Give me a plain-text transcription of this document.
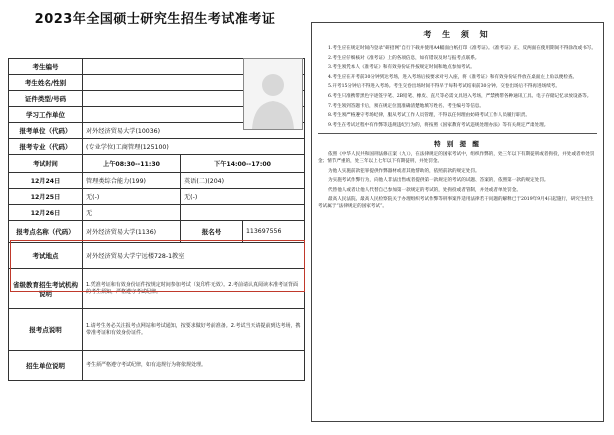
2023年全国硕士研究生招生考试准考证
考生编号			
考生姓名/性别			
证件类型/号码			
学习工作单位			
报考单位（代码）	对外经济贸易大学(10036)		
报考专业（代码）	(专业学位)工商管理(125100)		
考试时间	上午08:30--11:30	下午14:00--17:00	
12月24日	管理类综合能力(199)	英语(二)(204)	
12月25日	无(-)	无(-)	
12月26日	无		
报考点名称（代码）	对外经济贸易大学(1136)	报名号	113697556
考试地点	对外经济贸易大学宁远楼728-1教室		
省级教育招生考试机构说明	1.凭准考证和有效身份证件按规定时间参加考试（复印件无效）。2.考前请认真阅读本准考证背面的考生须知，严格遵守考试纪律。		
报考点说明	1.请考生务必关注报考点网站和考试通知，按要求做好考前准备。2.考试当天请提前到达考场，携带准考证和有效身份证件。		
招生单位说明	考生须严格遵守考试纪律，如有违规行为将依规处理。		
考 生 须 知

1.考生应在规定时间内登录“研招网”自行下载并使用A4幅面白纸打印《准考证》。《准考证》正、反两面在使用期间不得涂改或书写。

2.考生应仔细核对《准考证》上的各项信息，如有错误及时与报考点联系。

3.考生须凭本人《准考证》和有效身份证件按规定时间和地点参加考试。

4.考生应在开考前30分钟到达考场，进入考场后按要求对号入座，将《准考证》和有效身份证件放在桌面左上角以便检查。

5.开考15分钟后不得进入考场。考生交卷出场时间不得早于每科考试结束前30分钟。交卷出场后不得再进场续考。

6.考生只准携带黑色字迹签字笔、2B铅笔、橡皮、直尺等必需文具进入考场，严禁携带各种通讯工具、电子存储记忆录放设备等。

7.考生领到答题卡后，须在规定位置准确清楚地填写姓名、考生编号等信息。

8.考生须严格遵守考场纪律，服从考试工作人员管理，不得以任何理由妨碍考试工作人员履行职责。

9.考生在考试过程中有作弊等违规违纪行为的，将按照《国家教育考试违规处理办法》等有关规定严肃处理。

特 别 提 醒

依照《中华人民共和国刑法修正案（九）》，在法律规定的国家考试中，组织作弊的，处三年以下有期徒刑或者拘役，并处或者单处罚金；情节严重的，处三年以上七年以下有期徒刑，并处罚金。

为他人实施前款犯罪提供作弊器材或者其他帮助的，依照前款的规定处罚。

为实施考试作弊行为，向他人非法出售或者提供第一款规定的考试的试题、答案的，依照第一款的规定处罚。

代替他人或者让他人代替自己参加第一款规定的考试的，处拘役或者管制，并处或者单处罚金。

最高人民法院、最高人民检察院关于办理组织考试作弊等刑事案件适用法律若干问题的解释已于2019年9月4日起施行，研究生招生考试属于“法律规定的国家考试”。
